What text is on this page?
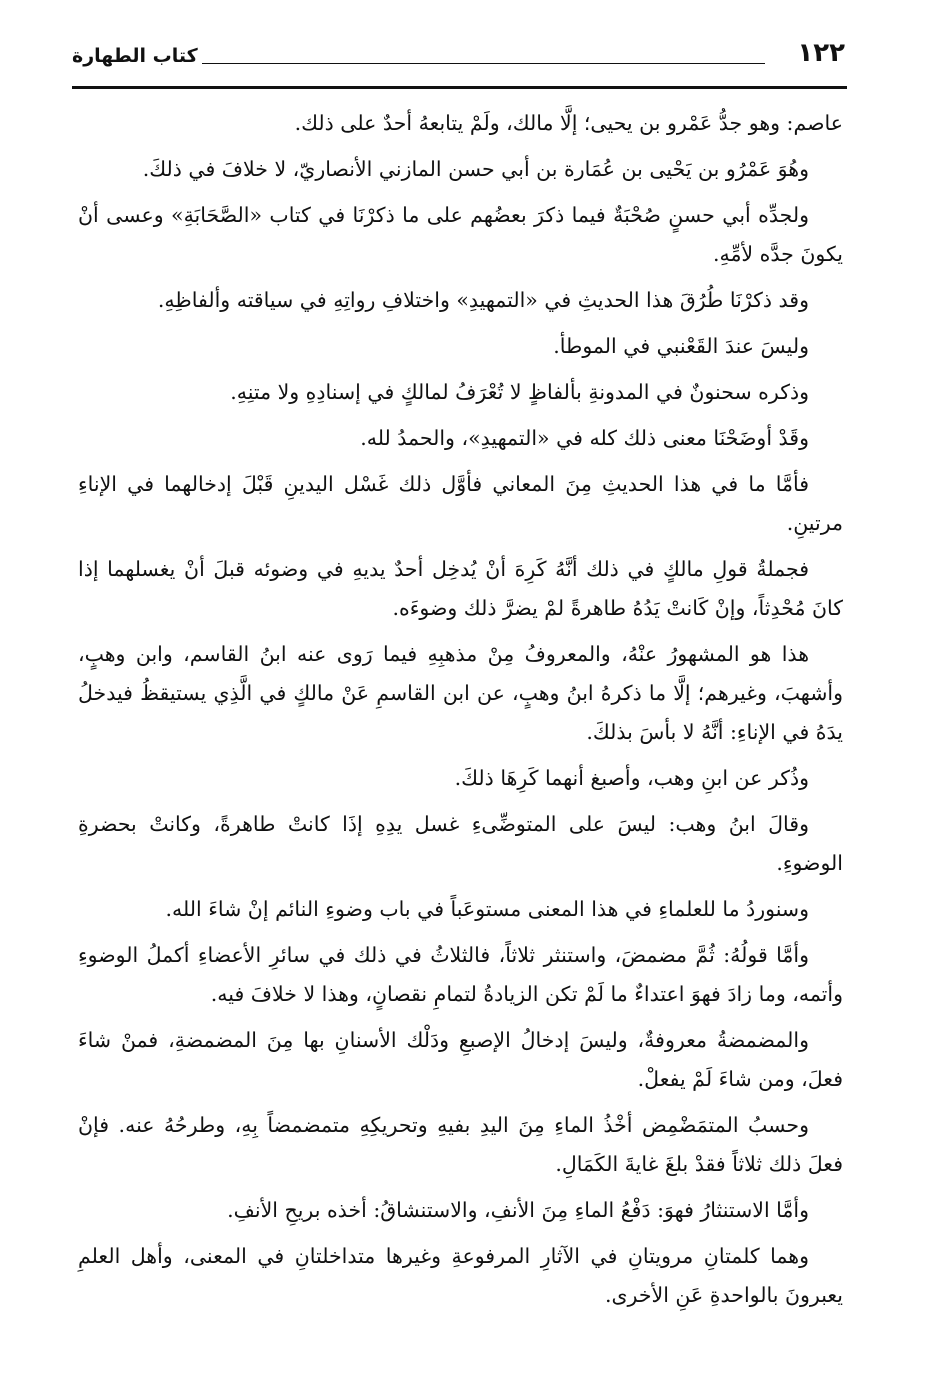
١٢٢
كتاب الطهارة

عاصم: وهو جدُّ عَمْرو بن يحيى؛ إلَّا مالك، ولَمْ يتابعهُ أحدٌ على ذلك.

وهُوَ عَمْرُو بن يَحْيى بن عُمَارة بن أبي حسن المازني الأنصاريّ، لا خلافَ في ذلكَ.

ولجدِّه أبي حسنٍ صُحْبَةٌ فيما ذكرَ بعضُهم على ما ذكرْنَا في كتاب «الصَّحَابَةِ» وعسى أنْ يكونَ جدَّه لأمِّهِ.

وقد ذكرْنَا طُرُقَ هذا الحديثِ في «التمهيدِ» واختلافِ رواتِهِ في سياقته وألفاظِهِ.

وليسَ عندَ القَعْنبي في الموطأ.

وذكره سحنونٌ في المدونةِ بألفاظٍ لا تُعْرَفُ لمالكٍ في إسنادِهِ ولا متنِهِ.

وقَدْ أوضَحْنَا معنى ذلك كله في «التمهيدِ»، والحمدُ لله.

فأمَّا ما في هذا الحديثِ مِنَ المعاني فأوَّل ذلك غَسْل اليدينِ قَبْلَ إدخالهما في الإناءِ مرتينِ.

فجملةُ قولِ مالكٍ في ذلك أنَّهُ كَرِهَ أنْ يُدخِل أحدٌ يديهِ في وضوئه قبلَ أنْ يغسلهما إذا كانَ مُحْدِثاً، وإنْ كَانتْ يَدُهُ طاهرةً لمْ يضرَّ ذلك وضوءَه.

هذا هو المشهورُ عنْهُ، والمعروفُ مِنْ مذهبِهِ فيما رَوى عنه ابنُ القاسم، وابن وهبٍ، وأشهبَ، وغيرهم؛ إلَّا ما ذكرهُ ابنُ وهبٍ، عن ابن القاسمِ عَنْ مالكٍ في الَّذِي يستيقظُ فيدخلُ يدَهُ في الإناءِ: أنَّهُ لا بأسَ بذلكَ.

وذُكر عن ابنِ وهب، وأصبغ أنهما كَرِهَا ذلكَ.

وقالَ ابنُ وهب: ليسَ على المتوضِّىءِ غسل يدِهِ إذَا كانتْ طاهرةً، وكانتْ بحضرةِ الوضوءِ.

وسنوردُ ما للعلماءِ في هذا المعنى مستوعَباً في باب وضوءِ النائم إنْ شاءَ الله.

وأمَّا قولُهُ: ثُمَّ مضمضَ، واستنثر ثلاثاً، فالثلاثُ في ذلك في سائرِ الأعضاءِ أكملُ الوضوءِ وأتمه، وما زادَ فهوَ اعتداءٌ ما لَمْ تكن الزيادةُ لتمامِ نقصانٍ، وهذا لا خلافَ فيه.

والمضمضةُ معروفةٌ، وليسَ إدخالُ الإصبعِ ودَلْك الأسنانِ بها مِنَ المضمضةِ، فمنْ شاءَ فعلَ، ومن شاءَ لَمْ يفعلْ.

وحسبُ المتمَضْمِض أخْذُ الماءِ مِنَ اليدِ بفيهِ وتحريكِهِ متمضمضاً بِهِ، وطرحُهُ عنه. فإنْ فعلَ ذلك ثلاثاً فقدْ بلغَ غايةَ الكَمَالِ.

وأمَّا الاستنثارُ فهوَ: دَفْعُ الماءِ مِنَ الأنفِ، والاستنشاقُ: أخذه بريحِ الأنفِ.

وهما كلمتانِ مرويتانِ في الآثارِ المرفوعةِ وغيرها متداخلتانِ في المعنى، وأهل العلمِ يعبرونَ بالواحدةِ عَنِ الأخرى.
